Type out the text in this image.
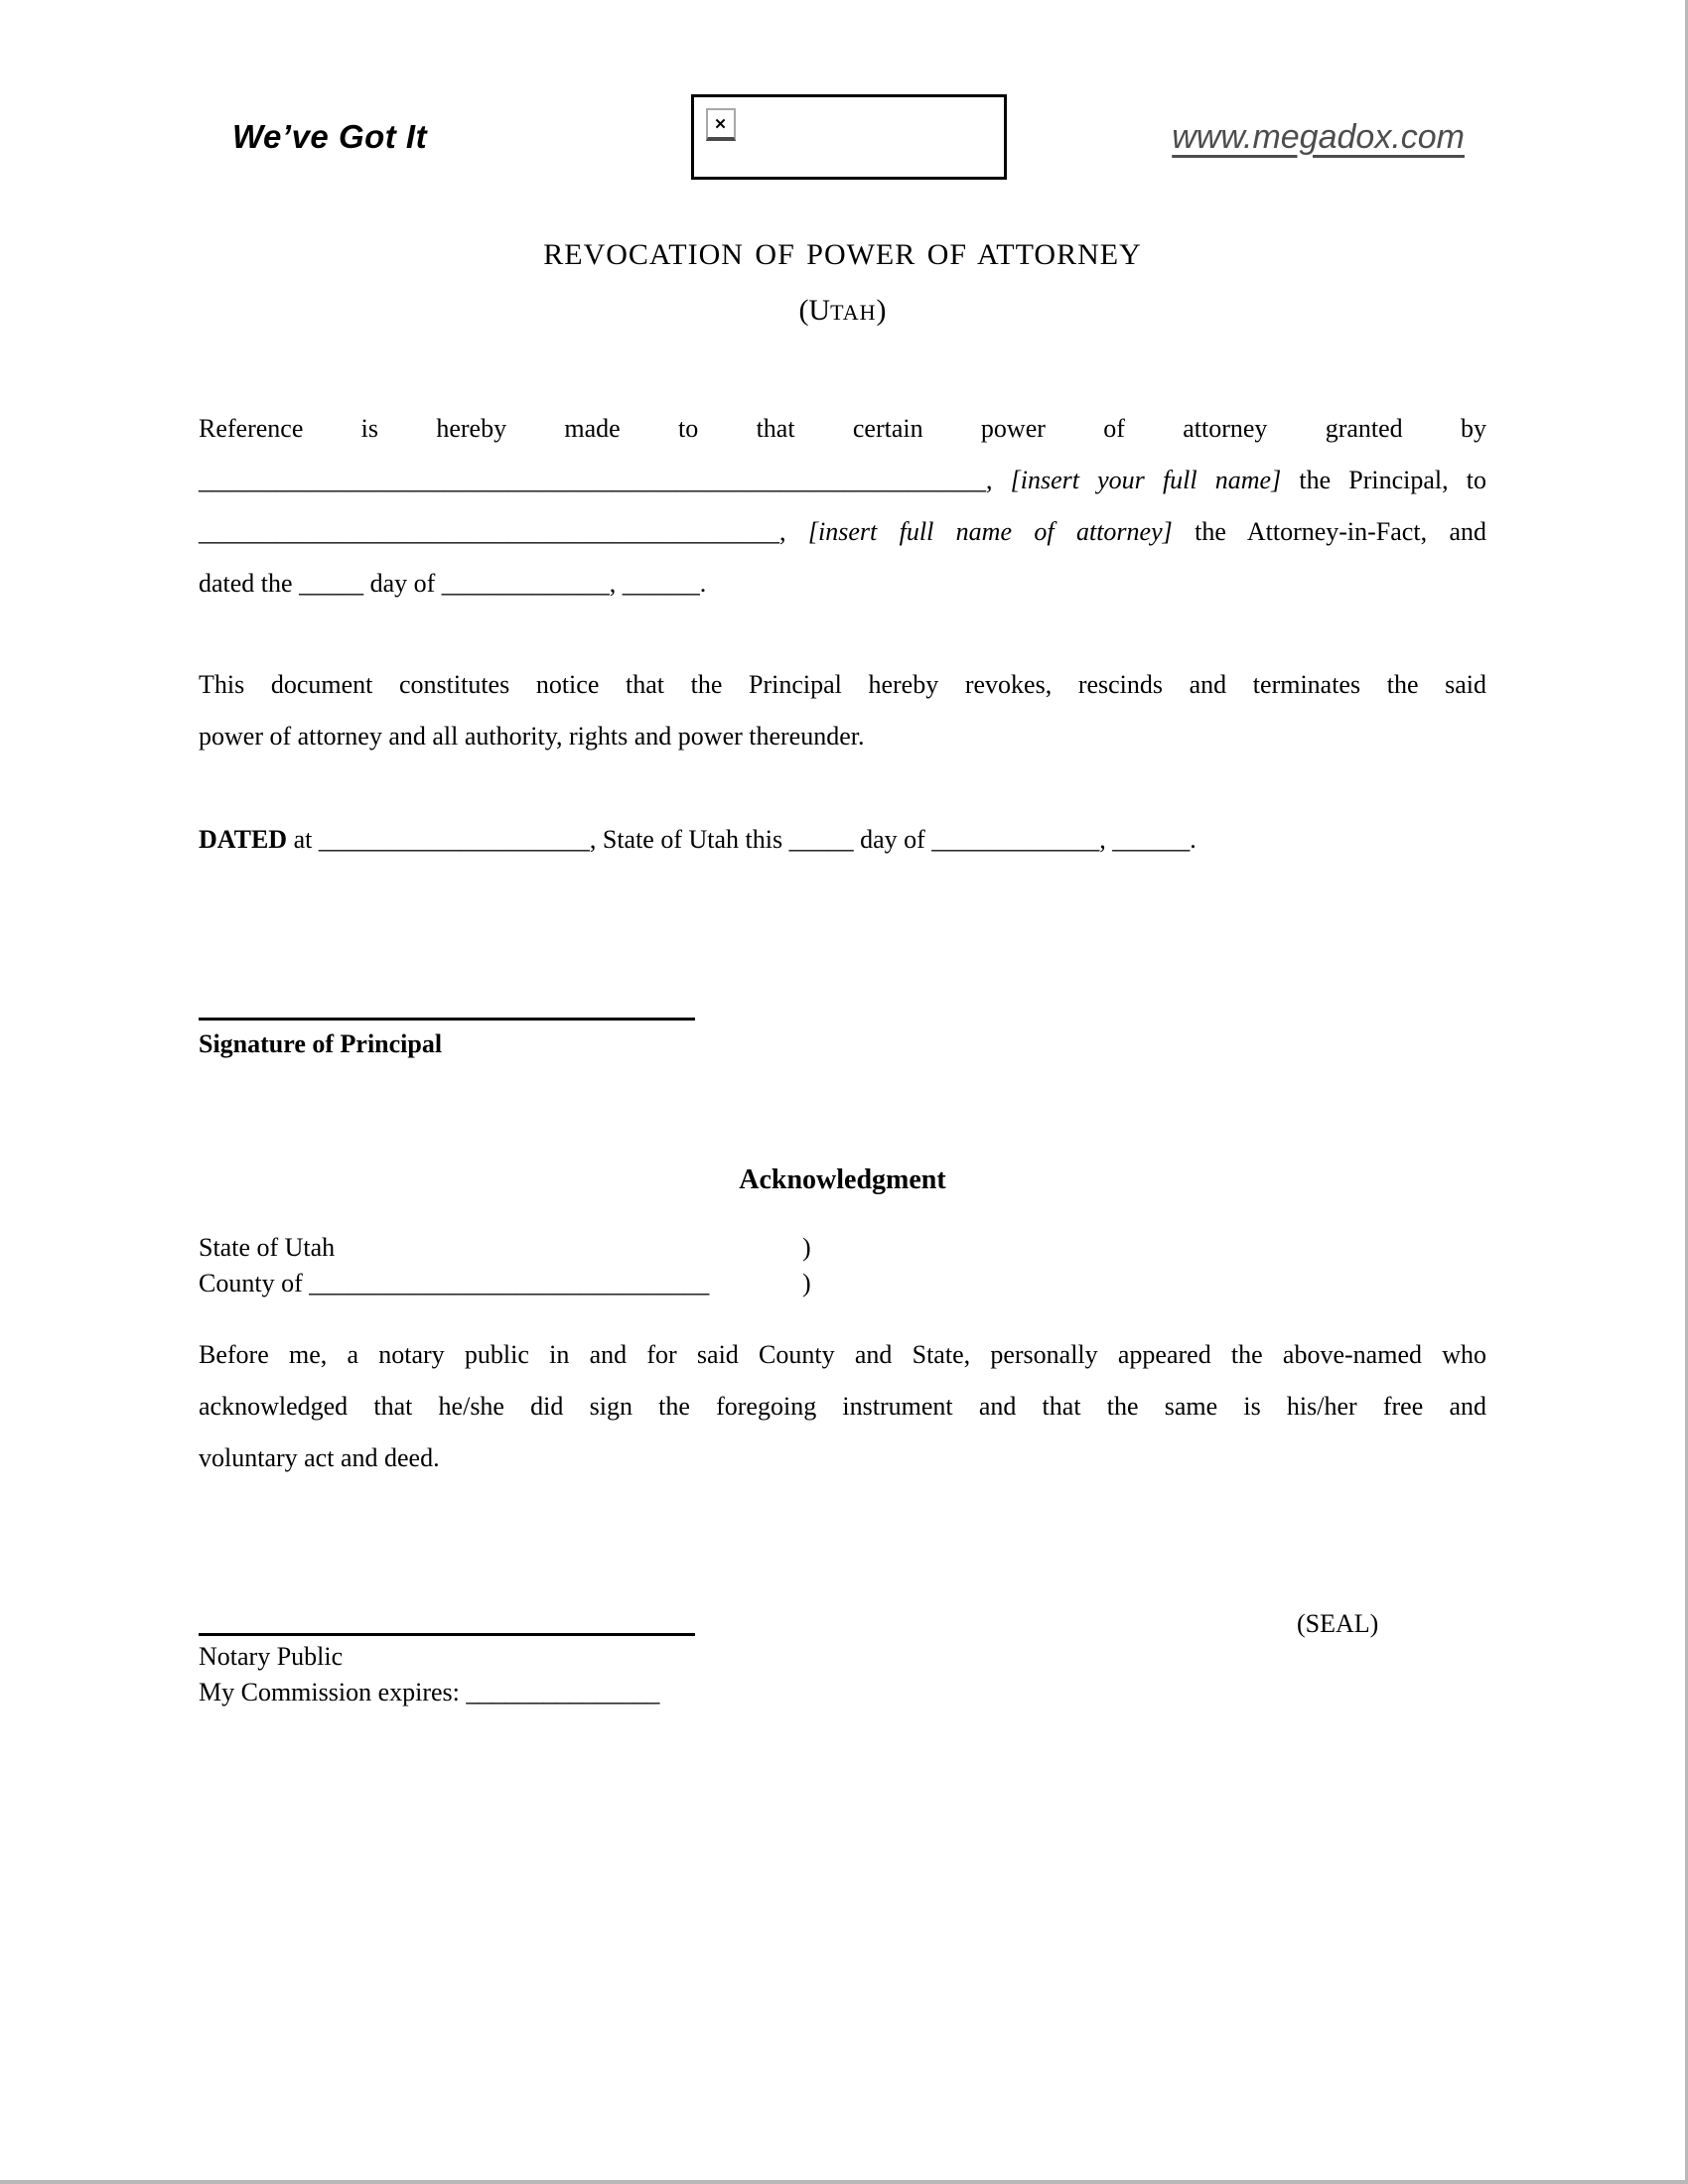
We’ve Got It	✕	www.megadox.com
REVOCATION OF POWER OF ATTORNEY
(UTAH)
Reference is hereby made to that certain power of attorney granted by
_____________________________________________________________, [insert your full name] the Principal, to
_____________________________________________, [insert full name of attorney] the Attorney-in-Fact, and
dated the _____ day of _____________, ______.
This document constitutes notice that the Principal hereby revokes, rescinds and terminates the said
power of attorney and all authority, rights and power thereunder.
DATED at _____________________, State of Utah this _____ day of _____________, ______.
Signature of Principal
Acknowledgment
State of Utah	)
County of _______________________________	)
Before me, a notary public in and for said County and State, personally appeared the above-named who
acknowledged that he/she did sign the foregoing instrument and that the same is his/her free and
voluntary act and deed.
(SEAL)
Notary Public
My Commission expires: _______________
